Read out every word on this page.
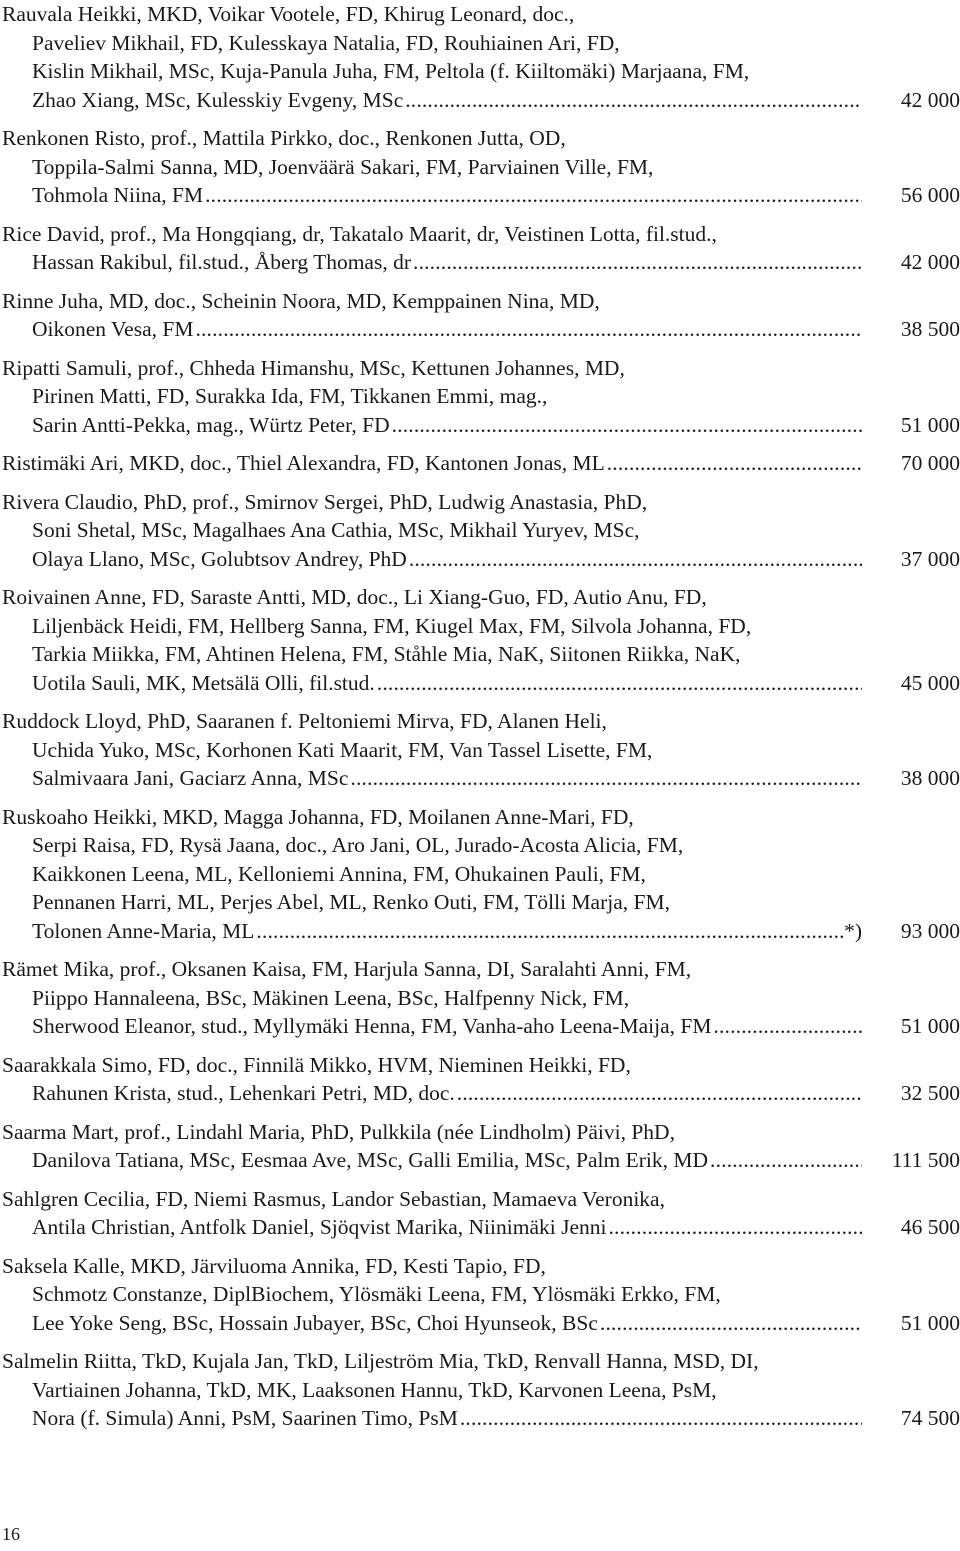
Rauvala Heikki, MKD, Voikar Vootele, FD, Khirug Leonard, doc.,
Paveliev Mikhail, FD, Kulesskaya Natalia, FD, Rouhiainen Ari, FD,
Kislin Mikhail, MSc, Kuja-Panula Juha, FM, Peltola (f. Kiiltomäki) Marjaana, FM,
Zhao Xiang, MSc, Kulesskiy Evgeny, MSc . . .	42 000
Renkonen Risto, prof., Mattila Pirkko, doc., Renkonen Jutta, OD,
Toppila-Salmi Sanna, MD, Joenväärä Sakari, FM, Parviainen Ville, FM,
Tohmola Niina, FM . . .	56 000
Rice David, prof., Ma Hongqiang, dr, Takatalo Maarit, dr, Veistinen Lotta, fil.stud.,
Hassan Rakibul, fil.stud., Åberg Thomas, dr . . .	42 000
Rinne Juha, MD, doc., Scheinin Noora, MD, Kemppainen Nina, MD,
Oikonen Vesa, FM . . .	38 500
Ripatti Samuli, prof., Chheda Himanshu, MSc, Kettunen Johannes, MD,
Pirinen Matti, FD, Surakka Ida, FM, Tikkanen Emmi, mag.,
Sarin Antti-Pekka, mag., Würtz Peter, FD . . .	51 000
Ristimäki Ari, MKD, doc., Thiel Alexandra, FD, Kantonen Jonas, ML . . .	70 000
Rivera Claudio, PhD, prof., Smirnov Sergei, PhD, Ludwig Anastasia, PhD,
Soni Shetal, MSc, Magalhaes Ana Cathia, MSc, Mikhail Yuryev, MSc,
Olaya Llano, MSc, Golubtsov Andrey, PhD . . .	37 000
Roivainen Anne, FD, Saraste Antti, MD, doc., Li Xiang-Guo, FD, Autio Anu, FD,
Liljenbäck Heidi, FM, Hellberg Sanna, FM, Kiugel Max, FM, Silvola Johanna, FD,
Tarkia Miikka, FM, Ahtinen Helena, FM, Ståhle Mia, NaK, Siitonen Riikka, NaK,
Uotila Sauli, MK, Metsälä Olli, fil.stud. . . .	45 000
Ruddock Lloyd, PhD, Saaranen f. Peltoniemi Mirva, FD, Alanen Heli,
Uchida Yuko, MSc, Korhonen Kati Maarit, FM, Van Tassel Lisette, FM,
Salmivaara Jani, Gaciarz Anna, MSc . . .	38 000
Ruskoaho Heikki, MKD, Magga Johanna, FD, Moilanen Anne-Mari, FD,
Serpi Raisa, FD, Rysä Jaana, doc., Aro Jani, OL, Jurado-Acosta Alicia, FM,
Kaikkonen Leena, ML, Kelloniemi Annina, FM, Ohukainen Pauli, FM,
Pennanen Harri, ML, Perjes Abel, ML, Renko Outi, FM, Tölli Marja, FM,
Tolonen Anne-Maria, ML . . .	*)	93 000
Rämet Mika, prof., Oksanen Kaisa, FM, Harjula Sanna, DI, Saralahti Anni, FM,
Piippo Hannaleena, BSc, Mäkinen Leena, BSc, Halfpenny Nick, FM,
Sherwood Eleanor, stud., Myllymäki Henna, FM, Vanha-aho Leena-Maija, FM . . .	51 000
Saarakkala Simo, FD, doc., Finnilä Mikko, HVM, Nieminen Heikki, FD,
Rahunen Krista, stud., Lehenkari Petri, MD, doc. . . .	32 500
Saarma Mart, prof., Lindahl Maria, PhD, Pulkkila (née Lindholm) Päivi, PhD,
Danilova Tatiana, MSc, Eesmaa Ave, MSc, Galli Emilia, MSc, Palm Erik, MD . . .	111 500
Sahlgren Cecilia, FD, Niemi Rasmus, Landor Sebastian, Mamaeva Veronika,
Antila Christian, Antfolk Daniel, Sjöqvist Marika, Niinimäki Jenni . . .	46 500
Saksela Kalle, MKD, Järviluoma Annika, FD, Kesti Tapio, FD,
Schmotz Constanze, DiplBiochem, Ylösmäki Leena, FM, Ylösmäki Erkko, FM,
Lee Yoke Seng, BSc, Hossain Jubayer, BSc, Choi Hyunseok, BSc . . .	51 000
Salmelin Riitta, TkD, Kujala Jan, TkD, Liljeström Mia, TkD, Renvall Hanna, MSD, DI,
Vartiainen Johanna, TkD, MK, Laaksonen Hannu, TkD, Karvonen Leena, PsM,
Nora (f. Simula) Anni, PsM, Saarinen Timo, PsM . . .	74 500
16
